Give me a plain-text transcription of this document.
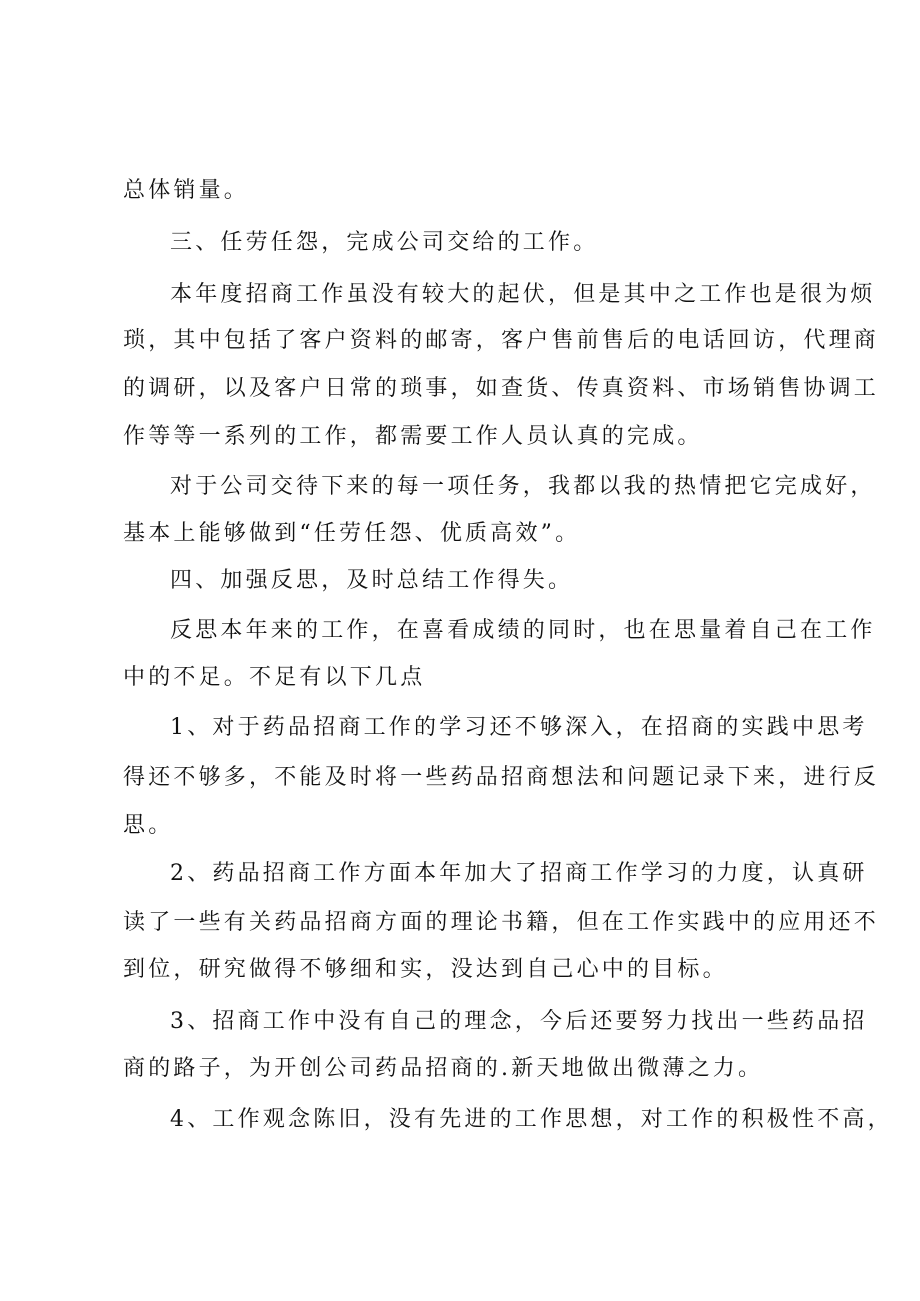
总体销量。
三、任劳任怨，完成公司交给的工作。
本年度招商工作虽没有较大的起伏，但是其中之工作也是很为烦
琐，其中包括了客户资料的邮寄，客户售前售后的电话回访，代理商
的调研，以及客户日常的琐事，如查货、传真资料、市场销售协调工
作等等一系列的工作，都需要工作人员认真的完成。
对于公司交待下来的每一项任务，我都以我的热情把它完成好，
基本上能够做到“任劳任怨、优质高效”。
四、加强反思，及时总结工作得失。
反思本年来的工作，在喜看成绩的同时，也在思量着自己在工作
中的不足。不足有以下几点
1、对于药品招商工作的学习还不够深入，在招商的实践中思考
得还不够多，不能及时将一些药品招商想法和问题记录下来，进行反
思。
2、药品招商工作方面本年加大了招商工作学习的力度，认真研
读了一些有关药品招商方面的理论书籍，但在工作实践中的应用还不
到位，研究做得不够细和实，没达到自己心中的目标。
3、招商工作中没有自己的理念，今后还要努力找出一些药品招
商的路子，为开创公司药品招商的.新天地做出微薄之力。
4、工作观念陈旧，没有先进的工作思想，对工作的积极性不高，
